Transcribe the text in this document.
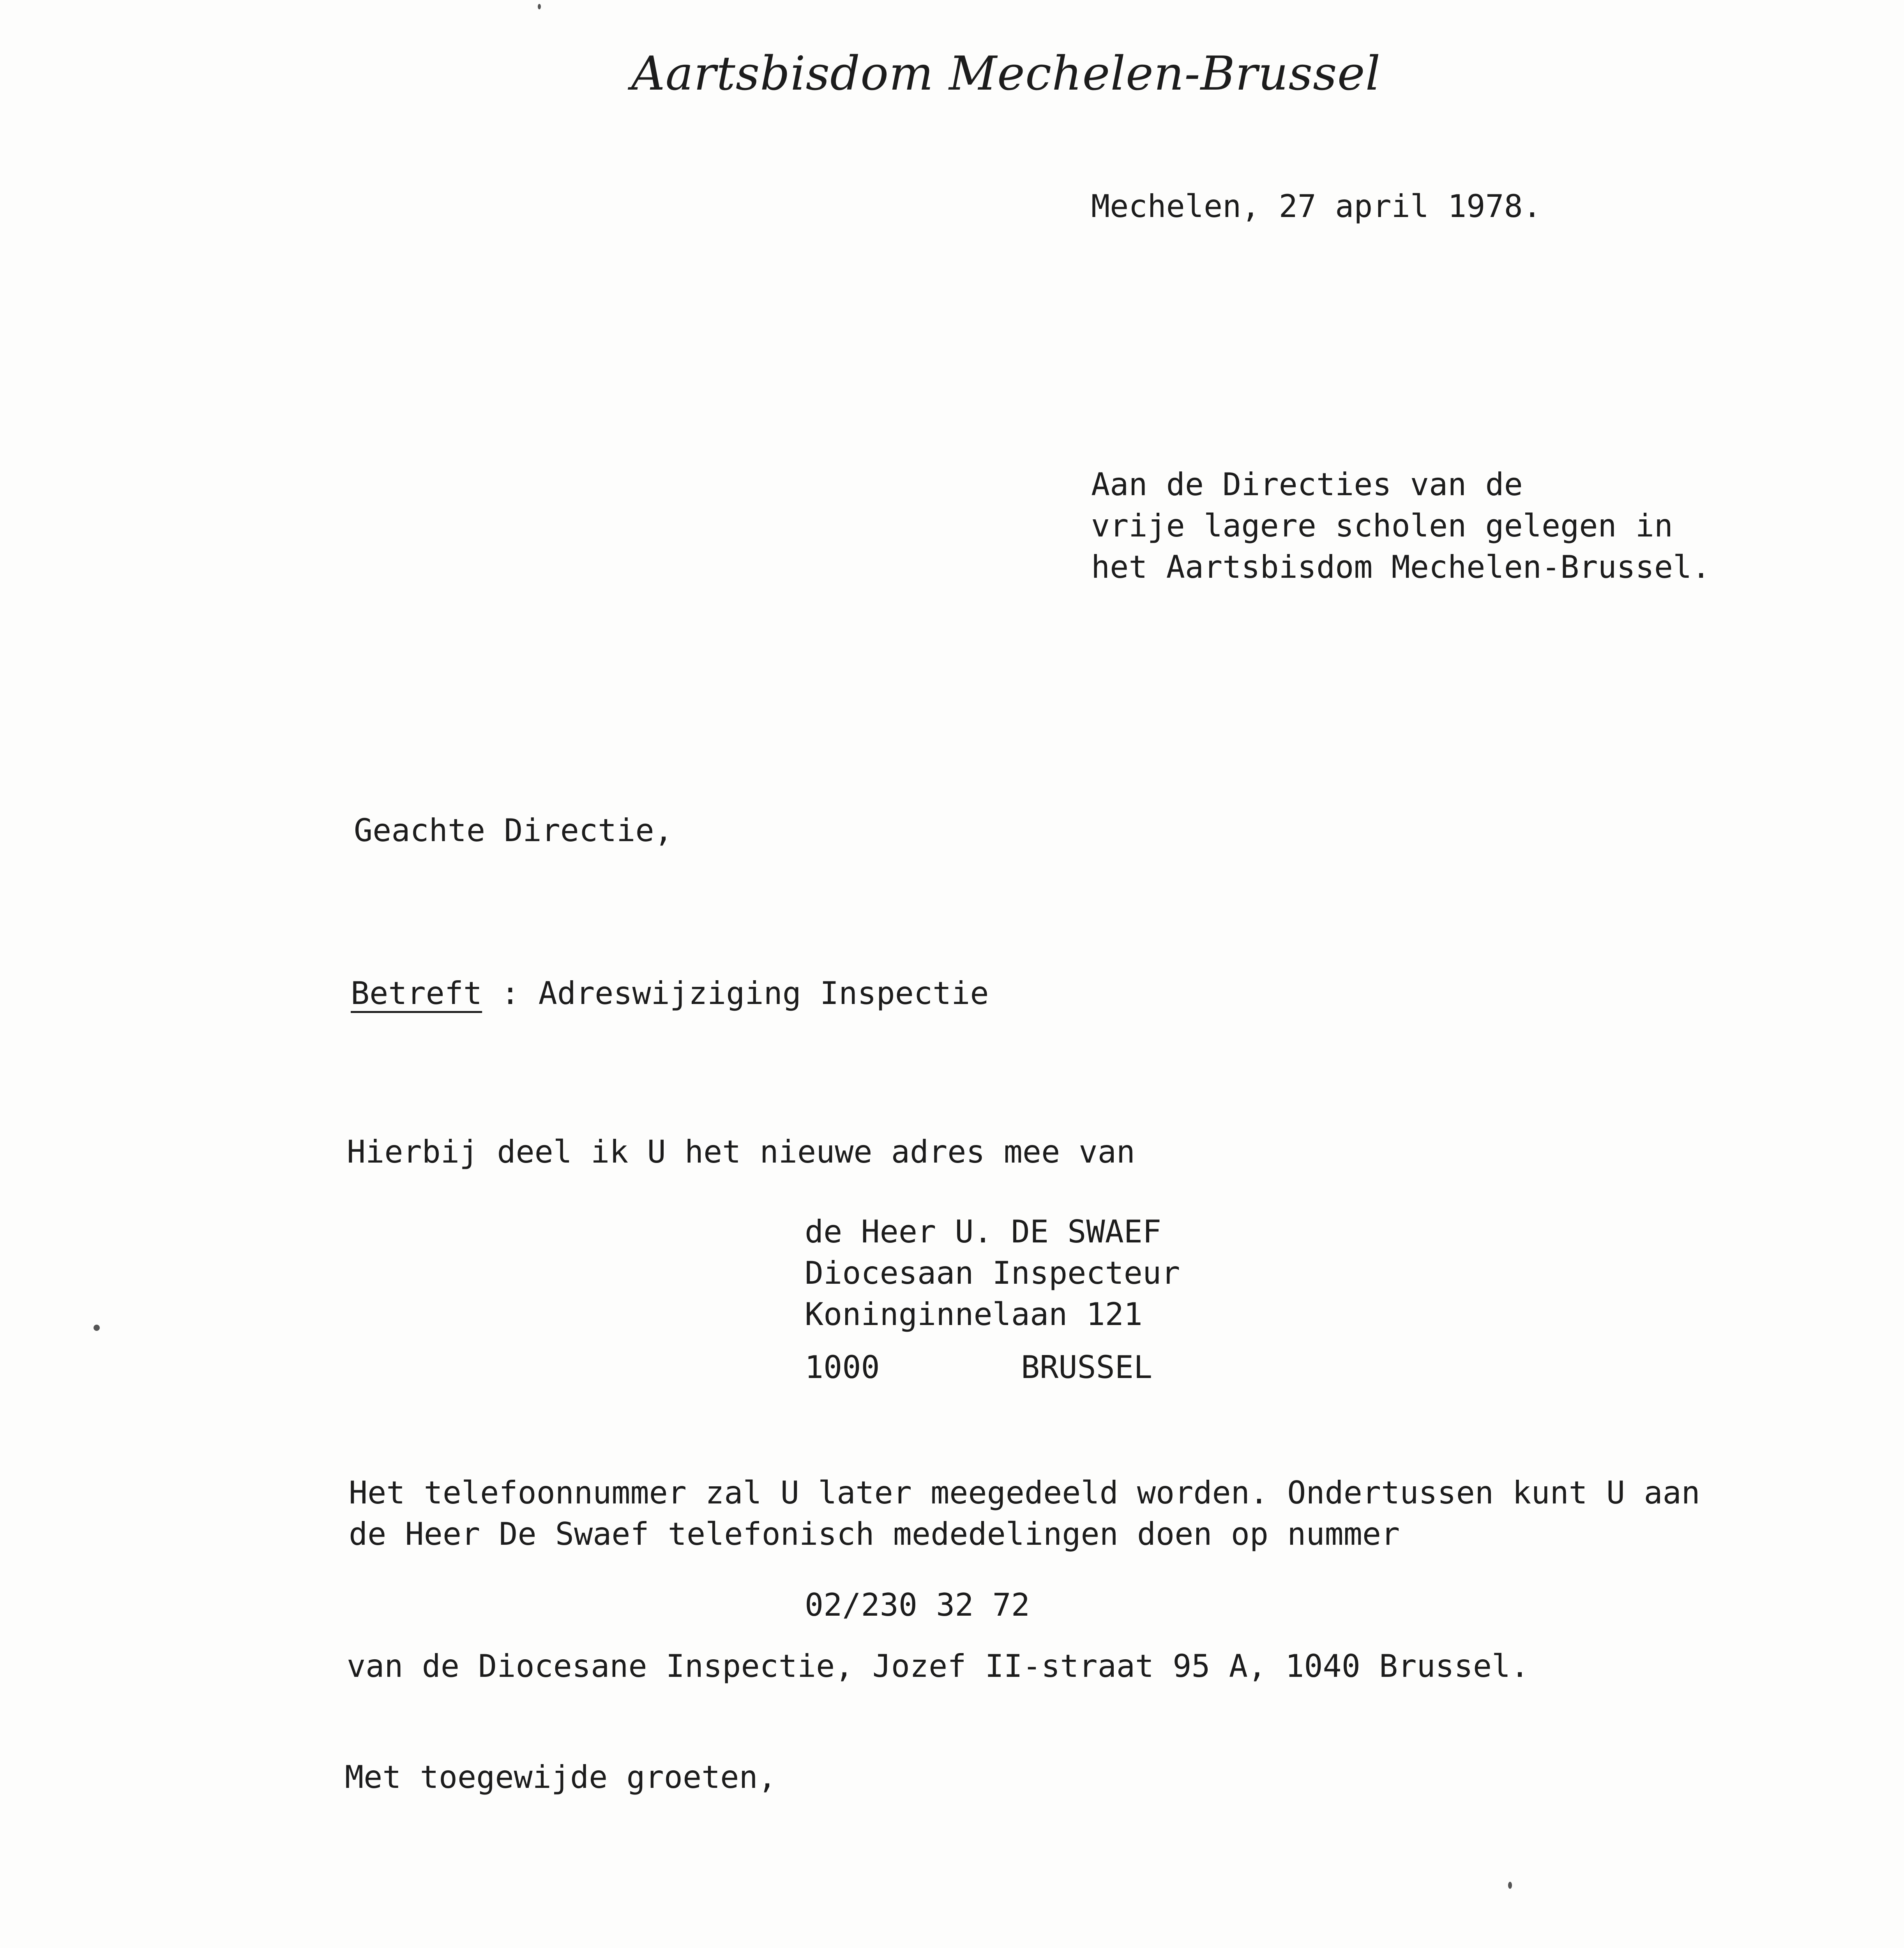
Aartsbisdom Mechelen-Brussel
Mechelen, 27 april 1978.
Aan de Directies van de
vrije lagere scholen gelegen in
het Aartsbisdom Mechelen-Brussel.
Geachte Directie,
Betreft : Adreswijziging Inspectie
Hierbij deel ik U het nieuwe adres mee van
de Heer U. DE SWAEF
Diocesaan Inspecteur
Koninginnelaan 121
1000	BRUSSEL
Het telefoonnummer zal U later meegedeeld worden. Ondertussen kunt U aan
de Heer De Swaef telefonisch mededelingen doen op nummer
02/230 32 72
van de Diocesane Inspectie, Jozef II-straat 95 A, 1040 Brussel.
Met toegewijde groeten,
